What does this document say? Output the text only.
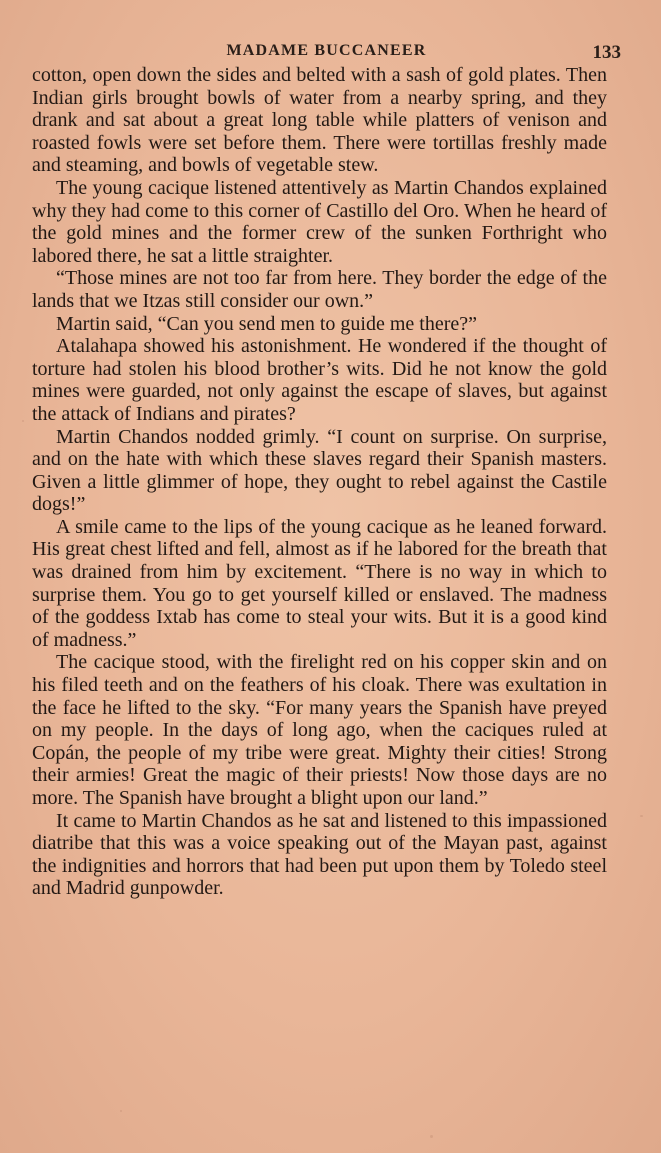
MADAME BUCCANEER	133

cotton, open down the sides and belted with a sash of gold plates. Then Indian girls brought bowls of water from a nearby spring, and they drank and sat about a great long table while platters of venison and roasted fowls were set before them. There were tortillas freshly made and steaming, and bowls of vegetable stew.

The young cacique listened attentively as Martin Chandos explained why they had come to this corner of Castillo del Oro. When he heard of the gold mines and the former crew of the sunken Forthright who labored there, he sat a little straighter.

“Those mines are not too far from here. They border the edge of the lands that we Itzas still consider our own.”

Martin said, “Can you send men to guide me there?”

Atalahapa showed his astonishment. He wondered if the thought of torture had stolen his blood brother’s wits. Did he not know the gold mines were guarded, not only against the escape of slaves, but against the attack of Indians and pirates?

Martin Chandos nodded grimly. “I count on surprise. On surprise, and on the hate with which these slaves regard their Spanish masters. Given a little glimmer of hope, they ought to rebel against the Castile dogs!”

A smile came to the lips of the young cacique as he leaned forward. His great chest lifted and fell, almost as if he labored for the breath that was drained from him by excitement. “There is no way in which to surprise them. You go to get yourself killed or enslaved. The madness of the goddess Ixtab has come to steal your wits. But it is a good kind of madness.”

The cacique stood, with the firelight red on his copper skin and on his filed teeth and on the feathers of his cloak. There was exultation in the face he lifted to the sky. “For many years the Spanish have preyed on my people. In the days of long ago, when the caciques ruled at Copán, the people of my tribe were great. Mighty their cities! Strong their armies! Great the magic of their priests! Now those days are no more. The Spanish have brought a blight upon our land.”

It came to Martin Chandos as he sat and listened to this impassioned diatribe that this was a voice speaking out of the Mayan past, against the indignities and horrors that had been put upon them by Toledo steel and Madrid gunpowder.
